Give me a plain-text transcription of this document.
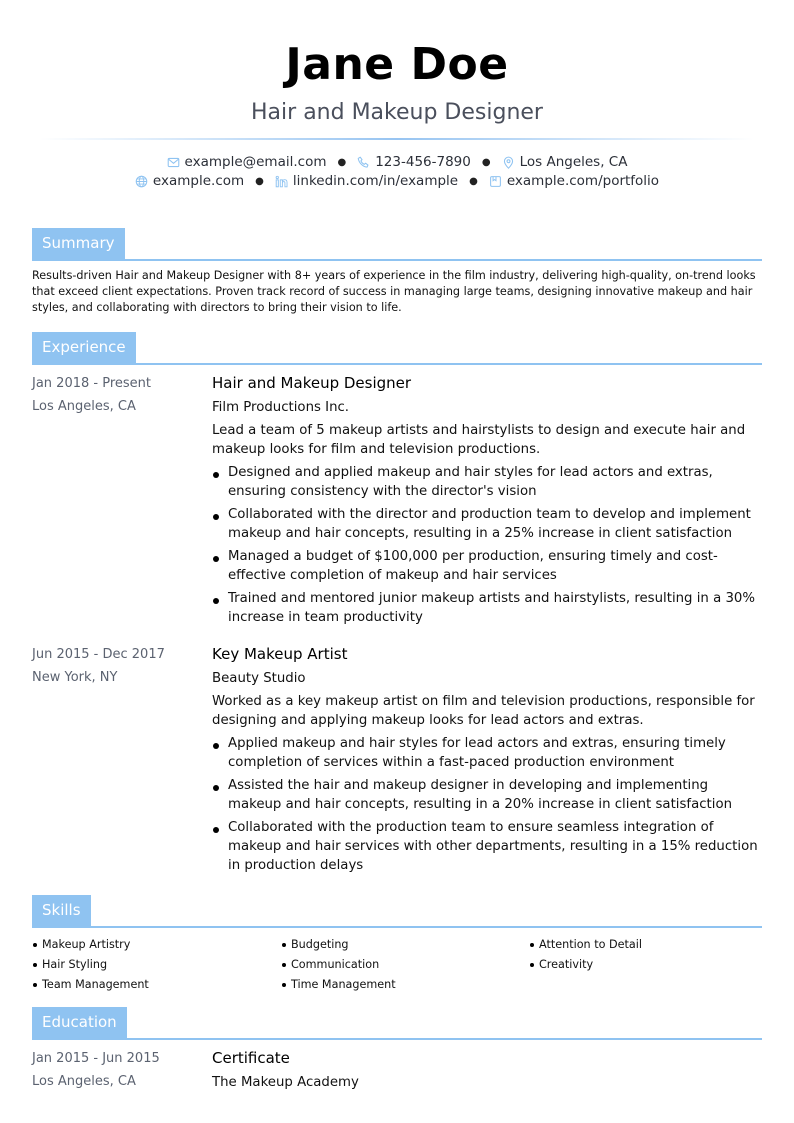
Jane Doe
Hair and Makeup Designer
example@email.com ● 123-456-7890 ● Los Angeles, CA
example.com ● linkedin.com/in/example ● example.com/portfolio
Summary
Results-driven Hair and Makeup Designer with 8+ years of experience in the film industry, delivering high-quality, on-trend looks that exceed client expectations. Proven track record of success in managing large teams, designing innovative makeup and hair styles, and collaborating with directors to bring their vision to life.
Experience
Jan 2018 - Present
Los Angeles, CA
Hair and Makeup Designer
Film Productions Inc.
Lead a team of 5 makeup artists and hairstylists to design and execute hair and makeup looks for film and television productions.
Designed and applied makeup and hair styles for lead actors and extras, ensuring consistency with the director's vision
Collaborated with the director and production team to develop and implement makeup and hair concepts, resulting in a 25% increase in client satisfaction
Managed a budget of $100,000 per production, ensuring timely and cost-effective completion of makeup and hair services
Trained and mentored junior makeup artists and hairstylists, resulting in a 30% increase in team productivity
Jun 2015 - Dec 2017
New York, NY
Key Makeup Artist
Beauty Studio
Worked as a key makeup artist on film and television productions, responsible for designing and applying makeup looks for lead actors and extras.
Applied makeup and hair styles for lead actors and extras, ensuring timely completion of services within a fast-paced production environment
Assisted the hair and makeup designer in developing and implementing makeup and hair concepts, resulting in a 20% increase in client satisfaction
Collaborated with the production team to ensure seamless integration of makeup and hair services with other departments, resulting in a 15% reduction in production delays
Skills
Makeup Artistry	Budgeting	Attention to Detail
Hair Styling	Communication	Creativity
Team Management	Time Management
Education
Jan 2015 - Jun 2015
Los Angeles, CA
Certificate
The Makeup Academy
